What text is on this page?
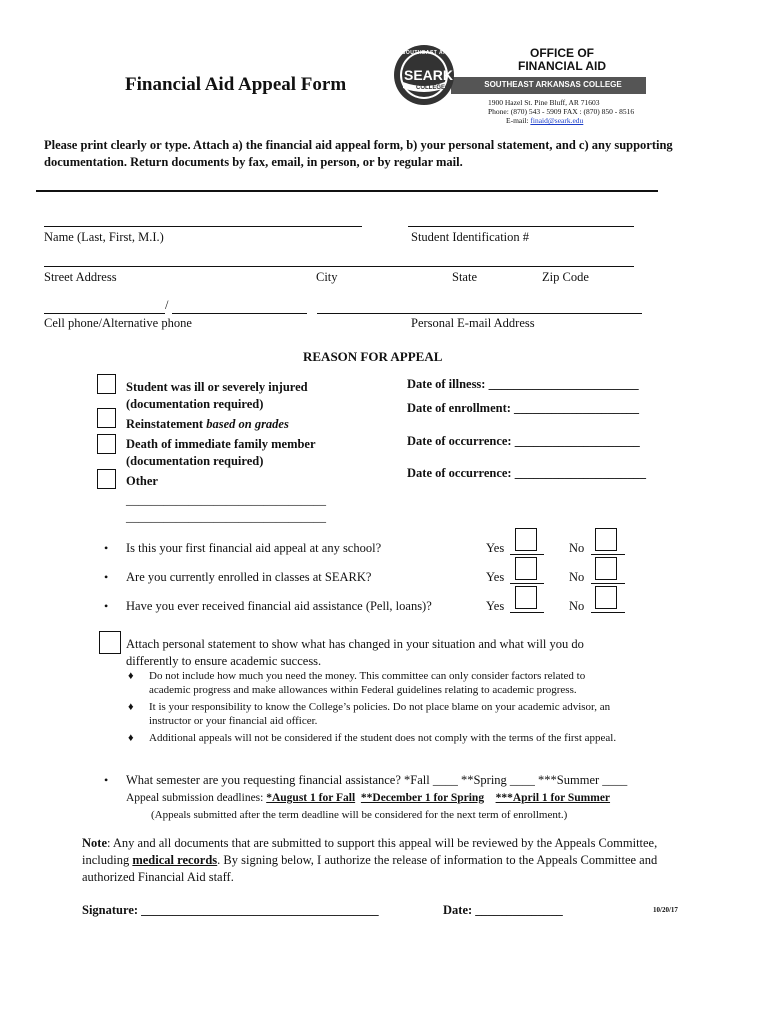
Financial Aid Appeal Form
OFFICE OF
FINANCIAL AID
SOUTHEAST ARKANSAS COLLEGE
SEARK
COLLEGE
SOUTHEAST ARKANSAS
1900 Hazel St. Pine Bluff, AR 71603
Phone: (870) 543 - 5909 FAX : (870) 850 - 8516
E-mail: finaid@seark.edu
Please print clearly or type. Attach a) the financial aid appeal form, b) your personal statement, and c) any supporting documentation. Return documents by fax, email, in person, or by regular mail.
Name (Last, First, M.I.)	Student Identification #
Street Address	City	State	Zip Code
/
Cell phone/Alternative phone	Personal E-mail Address
REASON FOR APPEAL
Student was ill or severely injured
(documentation required)
Reinstatement based on grades
Death of immediate family member
(documentation required)
Other
________________________________
________________________________
Date of illness: ________________________
Date of enrollment: ____________________
Date of occurrence: ____________________
Date of occurrence: _____________________
• Is this your first financial aid appeal at any school?	Yes	No
• Are you currently enrolled in classes at SEARK?	Yes	No
• Have you ever received financial aid assistance (Pell, loans)?	Yes	No
Attach personal statement to show what has changed in your situation and what will you do
differently to ensure academic success.
♦ Do not include how much you need the money. This committee can only consider factors related to
academic progress and make allowances within Federal guidelines relating to academic progress.
♦ It is your responsibility to know the College’s policies. Do not place blame on your academic advisor, an
instructor or your financial aid officer.
♦ Additional appeals will not be considered if the student does not comply with the terms of the first appeal.
• What semester are you requesting financial assistance? *Fall ____ **Spring ____ ***Summer ____
Appeal submission deadlines: *August 1 for Fall **December 1 for Spring ***April 1 for Summer
(Appeals submitted after the term deadline will be considered for the next term of enrollment.)
Note: Any and all documents that are submitted to support this appeal will be reviewed by the Appeals Committee, including medical records. By signing below, I authorize the release of information to the Appeals Committee and authorized Financial Aid staff.
Signature: ______________________________________	Date: ______________	10/20/17
